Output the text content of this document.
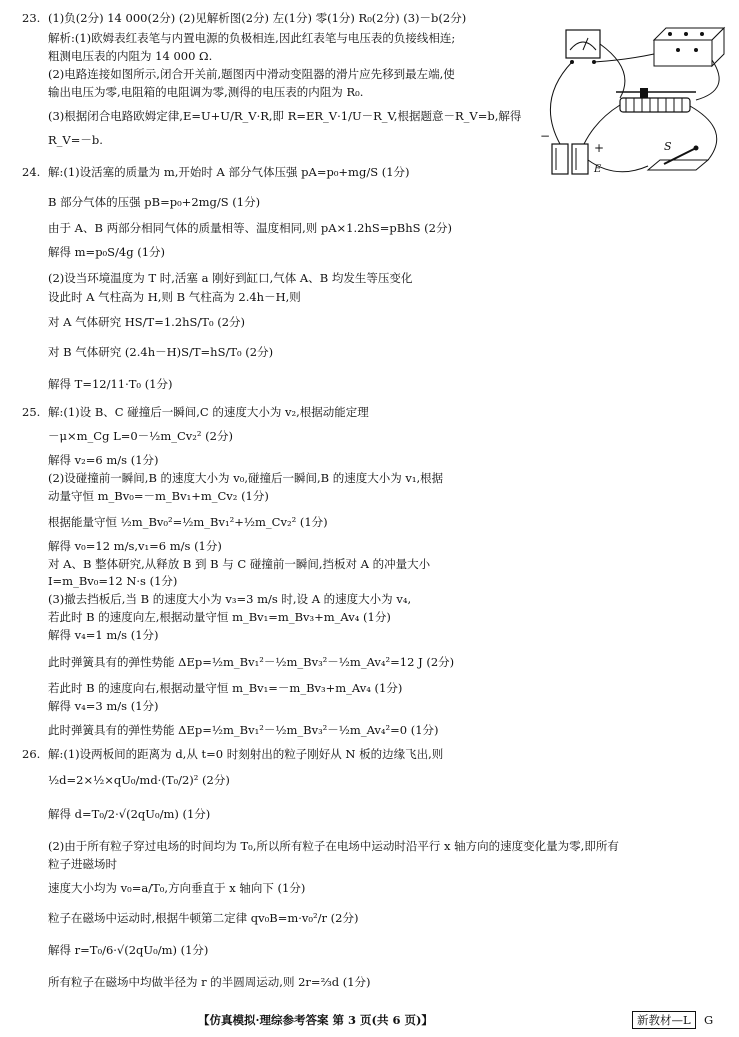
23. (1)负(2分) 14 000(2分) (2)见解析图(2分) 左(1分) 零(1分) R₀(2分) (3)－b(2分)
解析:(1)欧姆表红表笔与内置电源的负极相连,因此红表笔与电压表的负接线相连;
粗测电压表的内阻为 14 000 Ω.
(2)电路连接如图所示,闭合开关前,题图丙中滑动变阻器的滑片应先移到最左端,使
输出电压为零,电阻箱的电阻调为零,测得的电压表的内阻为 R₀.
(3)根据闭合电路欧姆定律,E=U+U/R_V·R,即 R=ER_V·1/U－R_V,根据题意－R_V=b,解得
R_V=－b.
+
−
E
S
24. 解:(1)设活塞的质量为 m,开始时 A 部分气体压强 pA=p₀+mg/S (1分)
B 部分气体的压强 pB=p₀+2mg/S (1分)
由于 A、B 两部分相同气体的质量相等、温度相同,则 pA×1.2hS=pBhS (2分)
解得 m=p₀S/4g (1分)
(2)设当环境温度为 T 时,活塞 a 刚好到缸口,气体 A、B 均发生等压变化
设此时 A 气柱高为 H,则 B 气柱高为 2.4h－H,则
对 A 气体研究 HS/T=1.2hS/T₀ (2分)
对 B 气体研究 (2.4h－H)S/T=hS/T₀ (2分)
解得 T=12/11·T₀ (1分)
25. 解:(1)设 B、C 碰撞后一瞬间,C 的速度大小为 v₂,根据动能定理
－μ×m_Cg L=0－½m_Cv₂² (2分)
解得 v₂=6 m/s (1分)
(2)设碰撞前一瞬间,B 的速度大小为 v₀,碰撞后一瞬间,B 的速度大小为 v₁,根据
动量守恒 m_Bv₀=－m_Bv₁+m_Cv₂ (1分)
根据能量守恒 ½m_Bv₀²=½m_Bv₁²+½m_Cv₂² (1分)
解得 v₀=12 m/s,v₁=6 m/s (1分)
对 A、B 整体研究,从释放 B 到 B 与 C 碰撞前一瞬间,挡板对 A 的冲量大小
I=m_Bv₀=12 N·s (1分)
(3)撤去挡板后,当 B 的速度大小为 v₃=3 m/s 时,设 A 的速度大小为 v₄,
若此时 B 的速度向左,根据动量守恒 m_Bv₁=m_Bv₃+m_Av₄ (1分)
解得 v₄=1 m/s (1分)
此时弹簧具有的弹性势能 ΔEp=½m_Bv₁²－½m_Bv₃²－½m_Av₄²=12 J (2分)
若此时 B 的速度向右,根据动量守恒 m_Bv₁=－m_Bv₃+m_Av₄ (1分)
解得 v₄=3 m/s (1分)
此时弹簧具有的弹性势能 ΔEp=½m_Bv₁²－½m_Bv₃²－½m_Av₄²=0 (1分)
26. 解:(1)设两板间的距离为 d,从 t=0 时刻射出的粒子刚好从 N 板的边缘飞出,则
½d=2×½×qU₀/md·(T₀/2)² (2分)
解得 d=T₀/2·√(2qU₀/m) (1分)
(2)由于所有粒子穿过电场的时间均为 T₀,所以所有粒子在电场中运动时沿平行 x 轴方向的速度变化量为零,即所有
粒子进磁场时
速度大小均为 v₀=a/T₀,方向垂直于 x 轴向下 (1分)
粒子在磁场中运动时,根据牛顿第二定律 qv₀B=m·v₀²/r (2分)
解得 r=T₀/6·√(2qU₀/m) (1分)
所有粒子在磁场中均做半径为 r 的半圆周运动,则 2r=⅔d (1分)
【仿真模拟·理综参考答案 第 3 页(共 6 页)】	新教材—L	G
